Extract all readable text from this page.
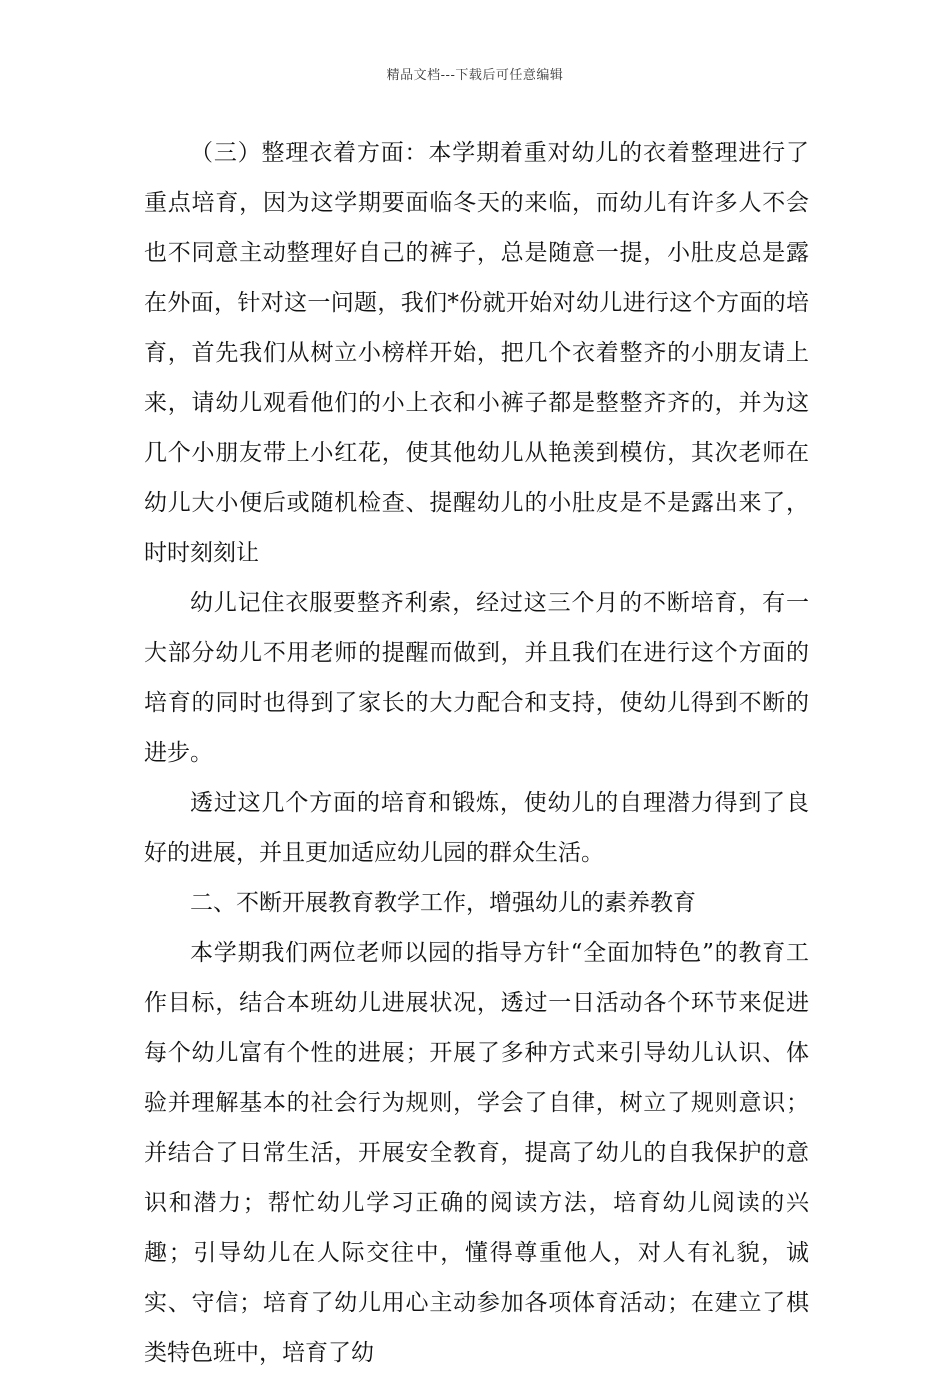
精品文档---下载后可任意编辑

（三）整理衣着方面：本学期着重对幼儿的衣着整理进行了重点培育，因为这学期要面临冬天的来临，而幼儿有许多人不会也不同意主动整理好自己的裤子，总是随意一提，小肚皮总是露在外面，针对这一问题，我们*份就开始对幼儿进行这个方面的培育，首先我们从树立小榜样开始，把几个衣着整齐的小朋友请上来，请幼儿观看他们的小上衣和小裤子都是整整齐齐的，并为这几个小朋友带上小红花，使其他幼儿从艳羡到模仿，其次老师在幼儿大小便后或随机检查、提醒幼儿的小肚皮是不是露出来了，时时刻刻让

幼儿记住衣服要整齐利索，经过这三个月的不断培育，有一大部分幼儿不用老师的提醒而做到，并且我们在进行这个方面的培育的同时也得到了家长的大力配合和支持，使幼儿得到不断的进步。

透过这几个方面的培育和锻炼，使幼儿的自理潜力得到了良好的进展，并且更加适应幼儿园的群众生活。

二、不断开展教育教学工作，增强幼儿的素养教育

本学期我们两位老师以园的指导方针“全面加特色”的教育工作目标，结合本班幼儿进展状况，透过一日活动各个环节来促进每个幼儿富有个性的进展；开展了多种方式来引导幼儿认识、体验并理解基本的社会行为规则，学会了自律，树立了规则意识；并结合了日常生活，开展安全教育，提高了幼儿的自我保护的意识和潜力；帮忙幼儿学习正确的阅读方法，培育幼儿阅读的兴趣；引导幼儿在人际交往中，懂得尊重他人，对人有礼貌，诚实、守信；培育了幼儿用心主动参加各项体育活动；在建立了棋类特色班中，培育了幼
